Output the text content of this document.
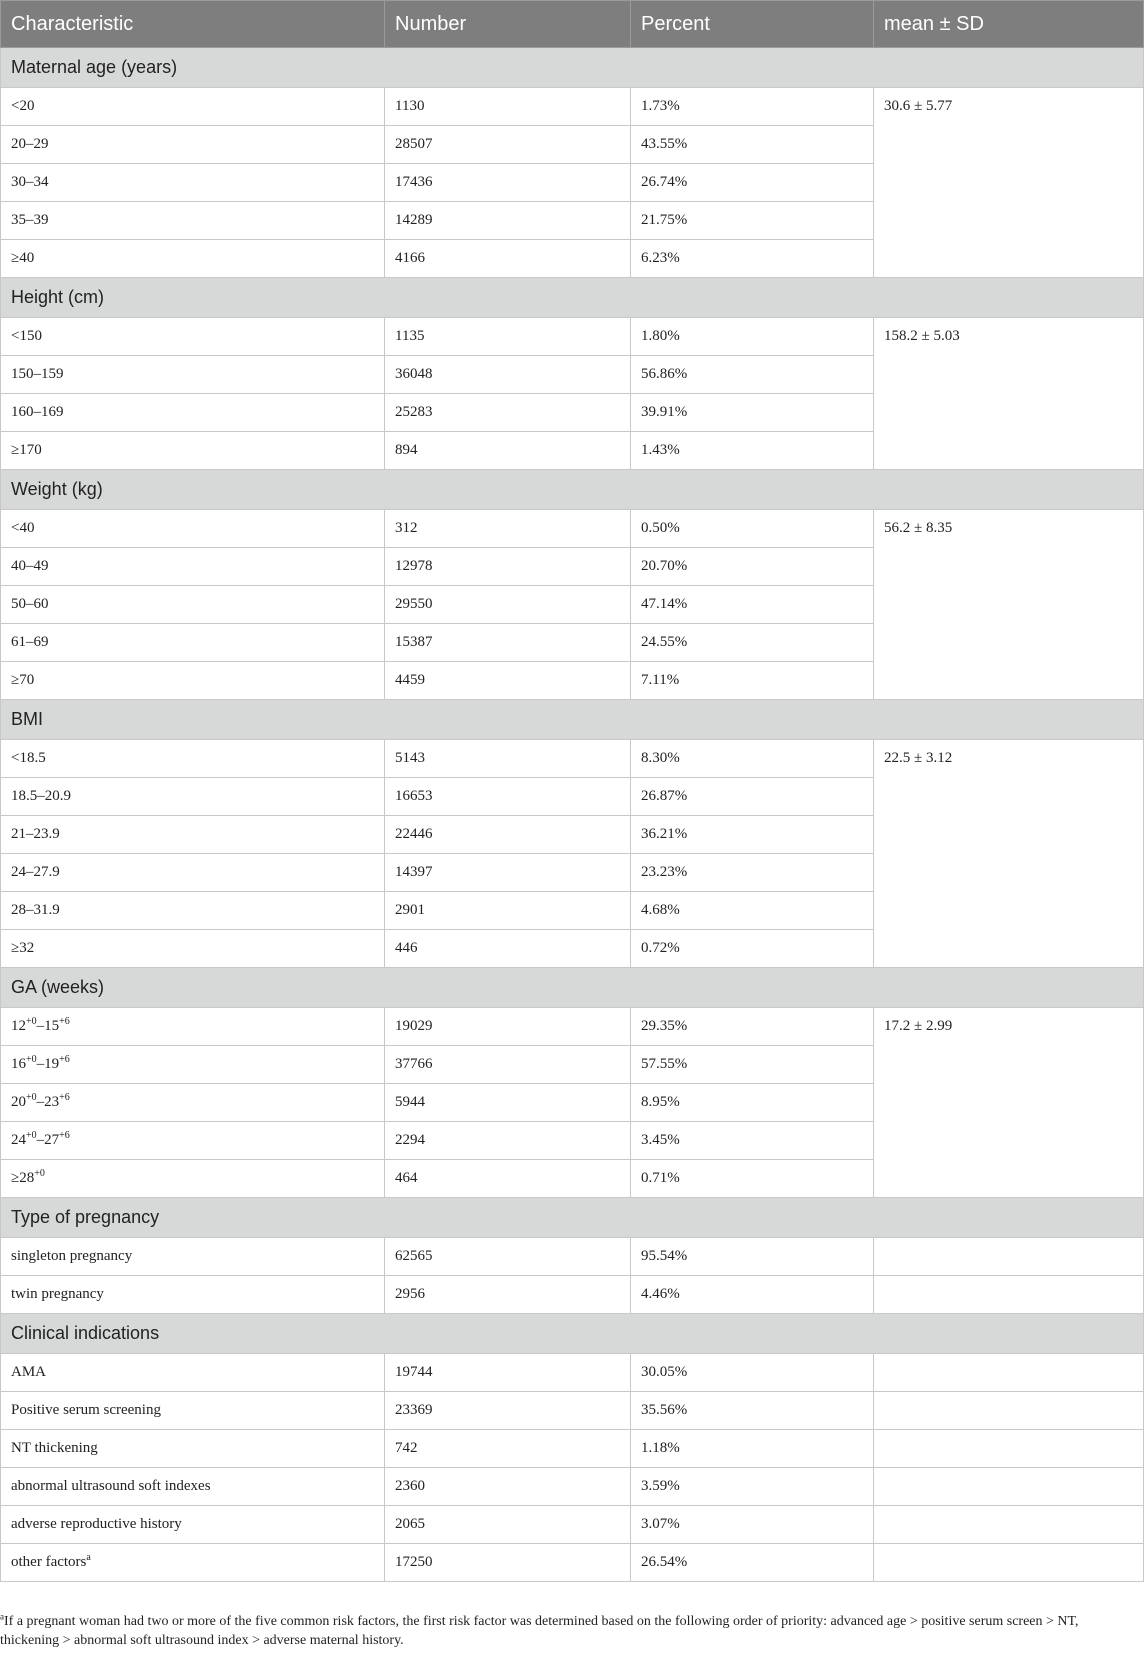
Characteristic	Number	Percent	mean ± SD
Maternal age (years)			
<20	1130	1.73%	30.6 ± 5.77
20–29	28507	43.55%	
30–34	17436	26.74%	
35–39	14289	21.75%	
≥40	4166	6.23%	
Height (cm)			
<150	1135	1.80%	158.2 ± 5.03
150–159	36048	56.86%	
160–169	25283	39.91%	
≥170	894	1.43%	
Weight (kg)			
<40	312	0.50%	56.2 ± 8.35
40–49	12978	20.70%	
50–60	29550	47.14%	
61–69	15387	24.55%	
≥70	4459	7.11%	
BMI			
<18.5	5143	8.30%	22.5 ± 3.12
18.5–20.9	16653	26.87%	
21–23.9	22446	36.21%	
24–27.9	14397	23.23%	
28–31.9	2901	4.68%	
≥32	446	0.72%	
GA (weeks)			
$12^{+0}-15^{+6}$	19029	29.35%	17.2 ± 2.99
$16^{+0}-19^{+6}$	37766	57.55%	
$20^{+0}-23^{+6}$	5944	8.95%	
$24^{+0}-27^{+6}$	2294	3.45%	
$\ge 28^{+0}$	464	0.71%	
Type of pregnancy			
singleton pregnancy	62565	95.54%	
twin pregnancy	2956	4.46%	
Clinical indications			
AMA	19744	30.05%	
Positive serum screening	23369	35.56%	
NT thickening	742	1.18%	
abnormal ultrasound soft indexes	2360	3.59%	
adverse reproductive history	2065	3.07%	
other factors$^a$	17250	26.54%	
$^a$If a pregnant woman had two or more of the five common risk factors, the first risk factor was determined based on the following order of priority: advanced age > positive serum screen > NT, thickening > abnormal soft ultrasound index > adverse maternal history.
